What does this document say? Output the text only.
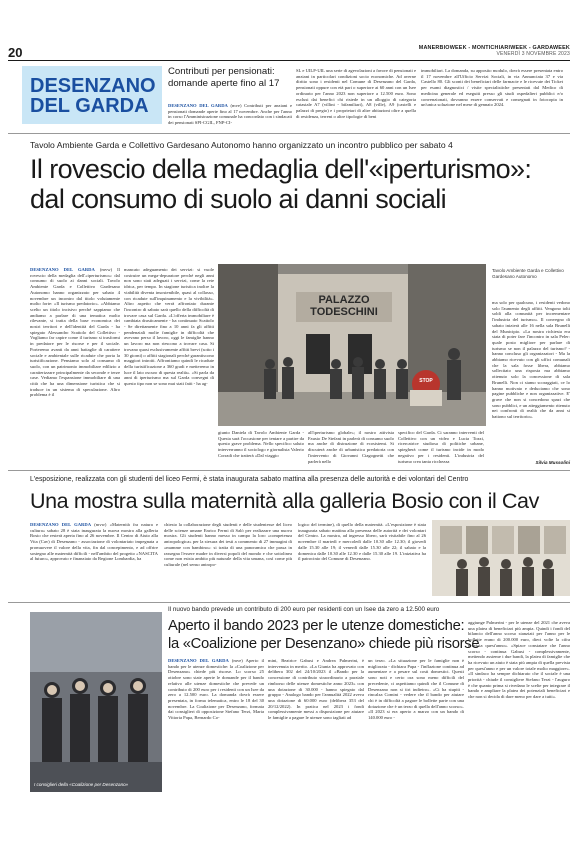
20	MANERBIOWEEK - MONTICHIARIWEEK - GARDAWEEK
VENERDÌ 3 NOVEMBRE 2023
DESENZANO
DEL GARDA
Contributi per pensionati:
domande aperte fino al 17
DESENZANO DEL GARDA (mve) Contributi per anziani e pensionati domande aperte fino al 17 novembre. Anche per l'anno in corso l'Amministrazione comunale ha concordato con i sindacati dei pensionati SPI-CGIL, FNP-CI-
SL e UILP-UIL una serie di agevolazioni a favore di pensionati e anziani in particolari condizioni socio economiche. Ad averne diritto sono i residenti nel Comune di Desenzano del Garda, pensionati oppure con età pari o superiore ai 60 anni con un Isee ordinario per l'anno 2023 non superiore a 12.500 euro. Sono esclusi dai benefici chi risiede in un alloggio di categoria catastale A7 (villini - bifamiliari), A8 (ville), A9 (castelli e palazzi di pregio) e i proprietari di altre abitazioni oltre a quella di residenza, terreni o altre tipologie di beni
immobiliari. La domanda, su apposito modulo, dovrà essere presentata entro il 17 novembre all'Ufficio Servizi Sociali, in via Annunciata 37 e via Castello 80. Gli sconti dei beneficiari delle farmacie e le ricevute dei Ticket per esami diagnostici / visite specialistiche presentati dal Medico di medicina generale ed eseguiti presso gli studi ospedalieri pubblici e/o convenzionati, dovranno essere conservati e consegnati in fotocopia in un'unica soluzione nel mese di gennaio 2024.
Tavolo Ambiente Garda e Collettivo Gardesano Autonomo hanno organizzato un incontro pubblico per sabato 4
Il rovescio della medaglia dell'«iperturismo»:
dal consumo di suolo ai danni sociali
DESENZANO DEL GARDA (mvw) Il rovescio della medaglia dell'«iperturismo»: dal consumo di suolo ai danni sociali. Tavolo Ambiente Garda e Collettivo Gardesano Autonomo hanno organizzato per sabato 4 novembre un incontro dal titolo volutamente molto forte: «Il turismo predatorio». «Abbiamo scelto un titolo incisivo perché sappiamo che andiamo a parlare di una tematica molto rilevante, si tratta della base economica dei nostri territori e dell'identità del Garda - ha spiegato Alessandro Scattolo del Collettivo - Vogliamo far capire come il turismo si trasformi in predatore per le risorse e per il sociale. Porteremo avanti da anni battaglie di carattere sociale e ambientale sulle ricadute che porta la turistificazione. Pensiamo solo al consumo di suolo, con un patrimonio immobiliare edilizio a caratterizzare principalmente da seconde e terze case. Vediamo l'espansione immobiliare di una città che ha una dimensione turistica che si traduce in un sistema di speculazione. Altro problema è il
mancato adeguamento dei servizi: si vuole costruire un mega-depuratore perché negli anni non sono stati adeguati i servizi, come la rete idrica, per tempo. In stagione turistica inoltre la viabilità diventa insostenibile, quasi al collasso, con ricadute sull'inquinamento e la vivibilità». Altro aspetto che verrà affrontato durante l'incontro di sabato sarà quello della difficoltà di trovare casa sul Garda. «L'offerta immobiliare è cambiata drasticamente - ha continuato Scattolo - Se direttamente fino a 10 anni fa gli affitti pendenziali molte famiglie in difficoltà che avevano perso il lavoro, oggi le famiglie hanno un lavoro ma non riescono a trovare casa. Si trovano quasi esclusivamente affitti brevi (sotto i 30 giorni) o affitti stagionali perché garantiscono maggiori introiti. Affrontiamo quindi le ricadute della turistificazione a 360 gradi e metteremo in luce il lato oscuro di questa realtà». «Si parla da anni di iperturismo ma sul Garda convegni di questo tipo non se sono mai stati fatti - ha ag-
PALAZZO
TODESCHINI
STOP
Tavolo Ambiente Garda e Collettivo
Gardesano Autonomo
giunto Daniela di Tavolo Ambiente Garda - Questa sarà l'occasione per tentare a partire da questo grave problema. Nello specifico saluto interverranno il sociologo e giornalista Valerio Corradi che tratterà «Dal viaggio
all'iperturismo globale»; il nostro attivista Fausto De Stefani in parlerà di consumo suolo ma anche di distruzione di ecosistemi. Si discuterà anche di urbanistica predatoria con l'intervento di Giovanni Ciagognetti che parlerà nello
specifico del Garda. Ci saranno interventi del Collettivo con un video e Lucia Tozzi, ricercatrice studiosa di politiche urbane, spiegherà come il turismo incide in modo negativo per i residenti. L'industria del turismo crea tanta ricchezza
ma solo per qualcuno, i residenti vedono solo l'aumento degli affitti. Vengono tolti soldi alla comunità per incrementare l'industria del turismo». Il convegno di sabato inizierà alle 16 nella sala Brunelli del Municipio. «La nostra richiesta era stata di poter fare l'incontro in sala Peler: quale posto migliore per parlare di turismo se non il palazzo del turismo? - hanno concluso gli organizzatori - Ma la abbiamo ricevuto con gli uffici comunali che la sala fosse libera, abbiamo sollecitato una risposta ma abbiamo ottenuto solo la concessione di sala Brunelli. Non ci siamo scoraggiati, ce lo hanno motivato e deduciamo che sono pagine pubbliche e non organizzative. E' grave che non si concedono spazi che sono pubblici, e un atteggiamento ritenuto nei confronti di realtà che da anni si battono sul territorio».
Silvia Mussolini
L'esposizione, realizzata con gli studenti del liceo Fermi, è stata inaugurata sabato mattina alla presenza delle autorità e dei volontari del Centro
Una mostra sulla maternità alla galleria Bosio con il Cav
DESENZANO DEL GARDA (mvw) «Maternità fra natura e cultura» sabato 28 è stata inaugurata la nuova mostra alla galleria Bosio che resterà aperta fino al 26 novembre. Il Centro di Aiuto alla Vita (Cav) di Desenzano - associazione di volontariato impegnata a promuovere il valore della vita, fin dal concepimento, e ad offrire sostegno alle maternità difficili - nell'ambito del progetto «NASCITA al futuro», approvato e finanziato da Regione Lombardia, ha
chiesto la collaborazione degli studenti e delle studentesse del liceo delle scienze umane Enrico Fermi di Salò per realizzare una nuova mostra. Gli studenti hanno messo in campo la loro «competenza antropologica» per la stesura dei testi a commento di 27 immagini di «mamme con bambino»: si tratta di una panoramica che passa in rassegna l'essere madre in diversi popoli del mondo e che sottolinea come non esista ambito più naturale della vita umana, così come più culturale (nel senso antropo-
logico del termine), di quello della maternità. «L'esposizione è stata inaugurata sabato mattina alla presenza delle autorità e dei volontari del Centro. La mostra, ad ingresso libero, sarà visitabile fino al 26 novembre il martedì e mercoledì dalle 10.30 alle 12.30; il giovedì dalle 15.30 alle 19; il venerdì dalle 15.30 alle 22; il sabato e la domenica dalle 10.30 alle 12.30 e dalle 15.30 alle 19. L'iniziativa ha il patrocinio del Comune di Desenzano.
Il nuovo bando prevede un contributo di 200 euro per residenti con un Isee da zero a 12.500 euro
Aperto il bando 2023 per le utenze domestiche:
la «Coalizione per Desenzano» chiede più risorse
I consiglieri della «Coalizione per Desenzano»
DESENZANO DEL GARDA (mve) Aperto il bando per le utenze domestiche: la «Coalizione per Desenzano» chiede più risorse. Lo scorso 25 ottobre sono state aperte le domande per il bando relativo alle utenze domestiche che prevede un contributo di 200 euro per i residenti con un Isee da zero a 12.500 euro. La domanda dovrà essere presentata, in forma telematica, entro le 18 del 30 novembre. La Coalizione per Desenzano, formata dai consiglieri di opposizione Stefano Terzi, Marta Vittoria Papa, Bernardo Co-
mini, Beatrice Gabusi e Andrea Palmerini, è intervenuta in merito. «La Giunta ha approvato con delibera 302 del 24/10/2023 il «Bando per la concessione di contributo straordinario a parziale rimborso delle utenze domestiche anno 2023» con una dotazione di 30.000 - hanno spiegato dal gruppo - Analogo bando per l'annualità 2022 aveva una dotazione di 60.000 euro (delibera 353 del 20/12/2022). In pratica nel 2023 i fondi complessivamente messi a disposizione per aiutare le famiglie a pagare le utenze sono tagliati ad
un terzo. «La situazione per le famiglie non è migliorata - dichiara Papa - l'inflazione continua ad aumentare e a pesare sul costi domestici. Questi sono noti e certo ora sono meno difficili del precedente, ci aspettiamo quindi che il Comune di Desenzano non si tiri indietro». «Ci ha stupiti - rincalza Comini - vedere che il bando per aiutare chi è in difficoltà a pagare le bollette parte con una dotazione che è un terzo di quella dell'anno scorso». «Il 2023 si era aperto a marzo con un bando di 140.000 euro -
aggiunge Palmerini - per le utenze del 2021 che aveva una platea di beneficiari più ampia. Quindi i fondi del bilancio dell'anno scorso stanziati per l'anno per le bollette erano di 200.000 euro, dieci volte la cifra prevista quest'anno». «Spiace constatare che l'anno scorso - continua Gabusi - complessivamente, mettendo assieme i due bandi, la platea di famiglie che ha ricevuto un aiuto è stata più ampia di quella prevista per quest'anno e per un valore totale molto maggiore». «Il sindaco ha sempre dichiarato che il sociale è una priorità - chiude il consigliere Stefano Terzi - l'auguro è che quanto prima si rivedano le scelte per integrare il bando e ampliare la platea dei potenziali beneficiari e che non si decida di dare meno per dare a tutti».
